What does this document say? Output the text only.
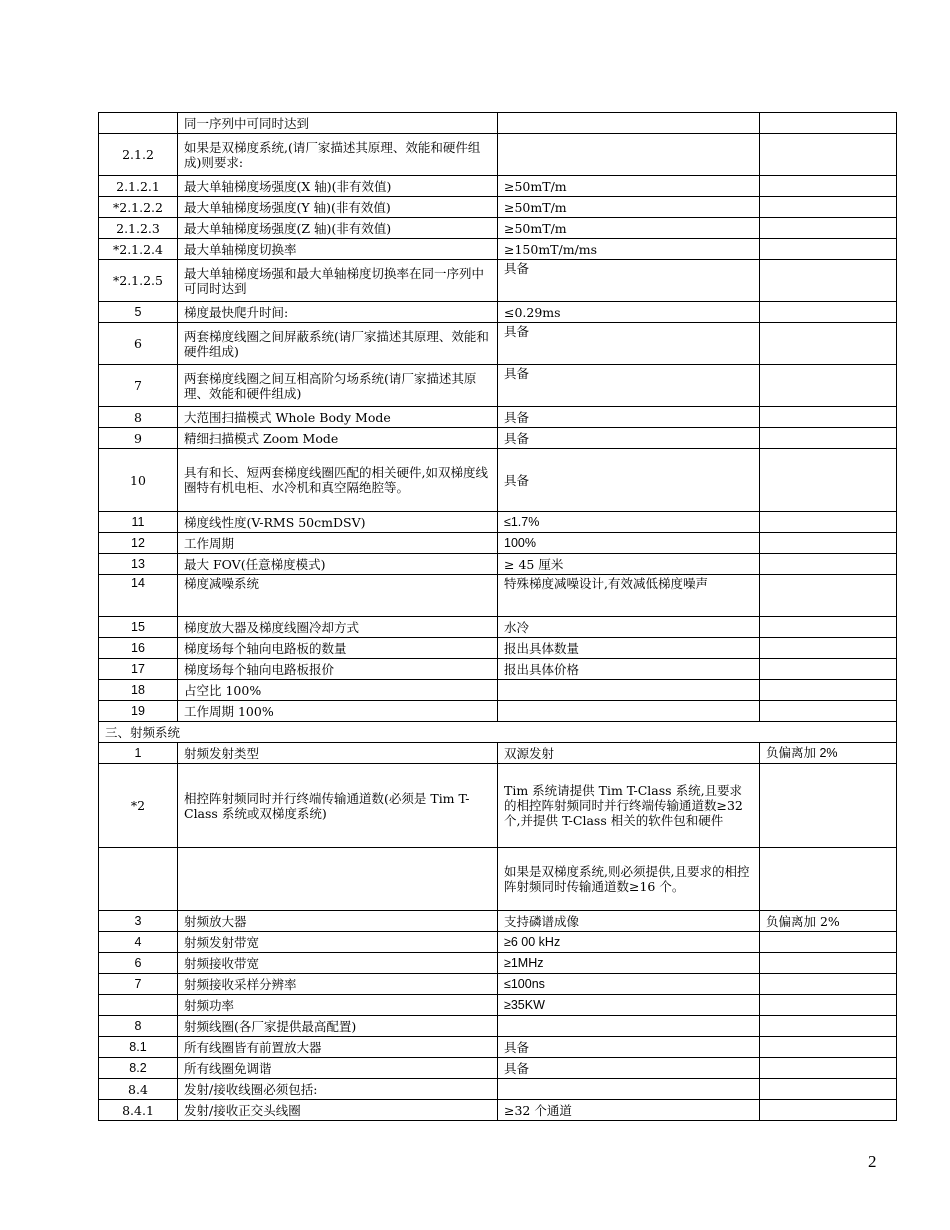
	同一序列中可同时达到		
2.1.2	如果是双梯度系统,(请厂家描述其原理、效能和硬件组成)则要求:		
2.1.2.1	最大单轴梯度场强度(X 轴)(非有效值)	≥50mT/m	
*2.1.2.2	最大单轴梯度场强度(Y 轴)(非有效值)	≥50mT/m	
2.1.2.3	最大单轴梯度场强度(Z 轴)(非有效值)	≥50mT/m	
*2.1.2.4	最大单轴梯度切换率	≥150mT/m/ms	
*2.1.2.5	最大单轴梯度场强和最大单轴梯度切换率在同一序列中可同时达到	具备	
5	梯度最快爬升时间:	≤0.29ms	
6	两套梯度线圈之间屏蔽系统(请厂家描述其原理、效能和硬件组成)	具备	
7	两套梯度线圈之间互相高阶匀场系统(请厂家描述其原理、效能和硬件组成)	具备	
8	大范围扫描模式 Whole Body Mode	具备	
9	精细扫描模式 Zoom Mode	具备	
10	具有和长、短两套梯度线圈匹配的相关硬件,如双梯度线圈特有机电柜、水冷机和真空隔绝腔等。	具备	
11	梯度线性度(V-RMS 50cmDSV)	≤1.7%	
12	工作周期	100%	
13	最大 FOV(任意梯度模式)	≥ 45 厘米	
14	梯度减噪系统	特殊梯度减噪设计,有效减低梯度噪声	
15	梯度放大器及梯度线圈冷却方式	水冷	
16	梯度场每个轴向电路板的数量	报出具体数量	
17	梯度场每个轴向电路板报价	报出具体价格	
18	占空比 100%		
19	工作周期 100%		
三、射频系统			
1	射频发射类型	双源发射	负偏离加 2%
*2	相控阵射频同时并行终端传输通道数(必须是 Tim T-Class 系统或双梯度系统)	Tim 系统请提供 Tim T-Class 系统,且要求的相控阵射频同时并行终端传输通道数≥32 个,并提供 T-Class 相关的软件包和硬件	
		如果是双梯度系统,则必须提供,且要求的相控阵射频同时传输通道数≥16 个。	
3	射频放大器	支持磷谱成像	负偏离加 2%
4	射频发射带宽	≥6 00 kHz	
6	射频接收带宽	≥1MHz	
7	射频接收采样分辨率	≤100ns	
	射频功率	≥35KW	
8	射频线圈(各厂家提供最高配置)		
8.1	所有线圈皆有前置放大器	具备	
8.2	所有线圈免调谐	具备	
8.4	发射/接收线圈必须包括:		
8.4.1	发射/接收正交头线圈	≥32 个通道	
2
